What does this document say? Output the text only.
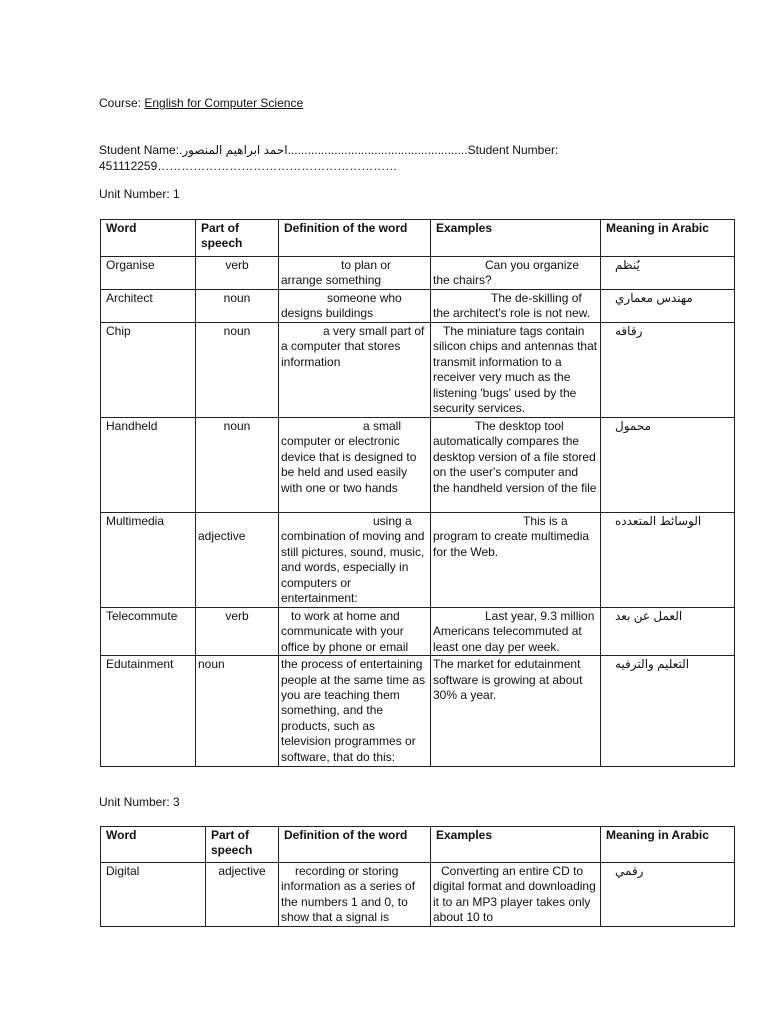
Course: English for Computer Science
Student Name:.احمد ابراهيم المنصور......................................................Student Number:
451112259……………………………………………………
Unit Number: 1
Word	Part of speech	Definition of the word	Examples	Meaning in Arabic
Organise	verb	to plan or arrange something	Can you organize the chairs?	يٌنظم
Architect	noun	someone who designs buildings	The de-skilling of the architect's role is not new.	مهندس معماري
Chip	noun	a very small part of a computer that stores information	The miniature tags contain silicon chips and antennas that transmit information to a receiver very much as the listening 'bugs' used by the security services.	رقاقه
Handheld	noun	a small computer or electronic device that is designed to be held and used easily with one or two hands	The desktop tool automatically compares the desktop version of a file stored on the user's computer and the handheld version of the file	محمول
Multimedia	adjective	using a combination of moving and still pictures, sound, music, and words, especially in computers or entertainment:	This is a program to create multimedia for the Web.	الوسائط المتعدده
Telecommute	verb	to work at home and communicate with your office by phone or email	Last year, 9.3 million Americans telecommuted at least one day per week.	العمل عن بعد
Edutainment	noun	the process of entertaining people at the same time as you are teaching them something, and the products, such as television programmes or software, that do this:	The market for edutainment software is growing at about 30% a year.	التعليم والترفيه
Unit Number: 3
Word	Part of speech	Definition of the word	Examples	Meaning in Arabic
Digital	adjective	recording or storing information as a series of the numbers 1 and 0, to show that a signal is	Converting an entire CD to digital format and downloading it to an MP3 player takes only about 10 to	رقمي
